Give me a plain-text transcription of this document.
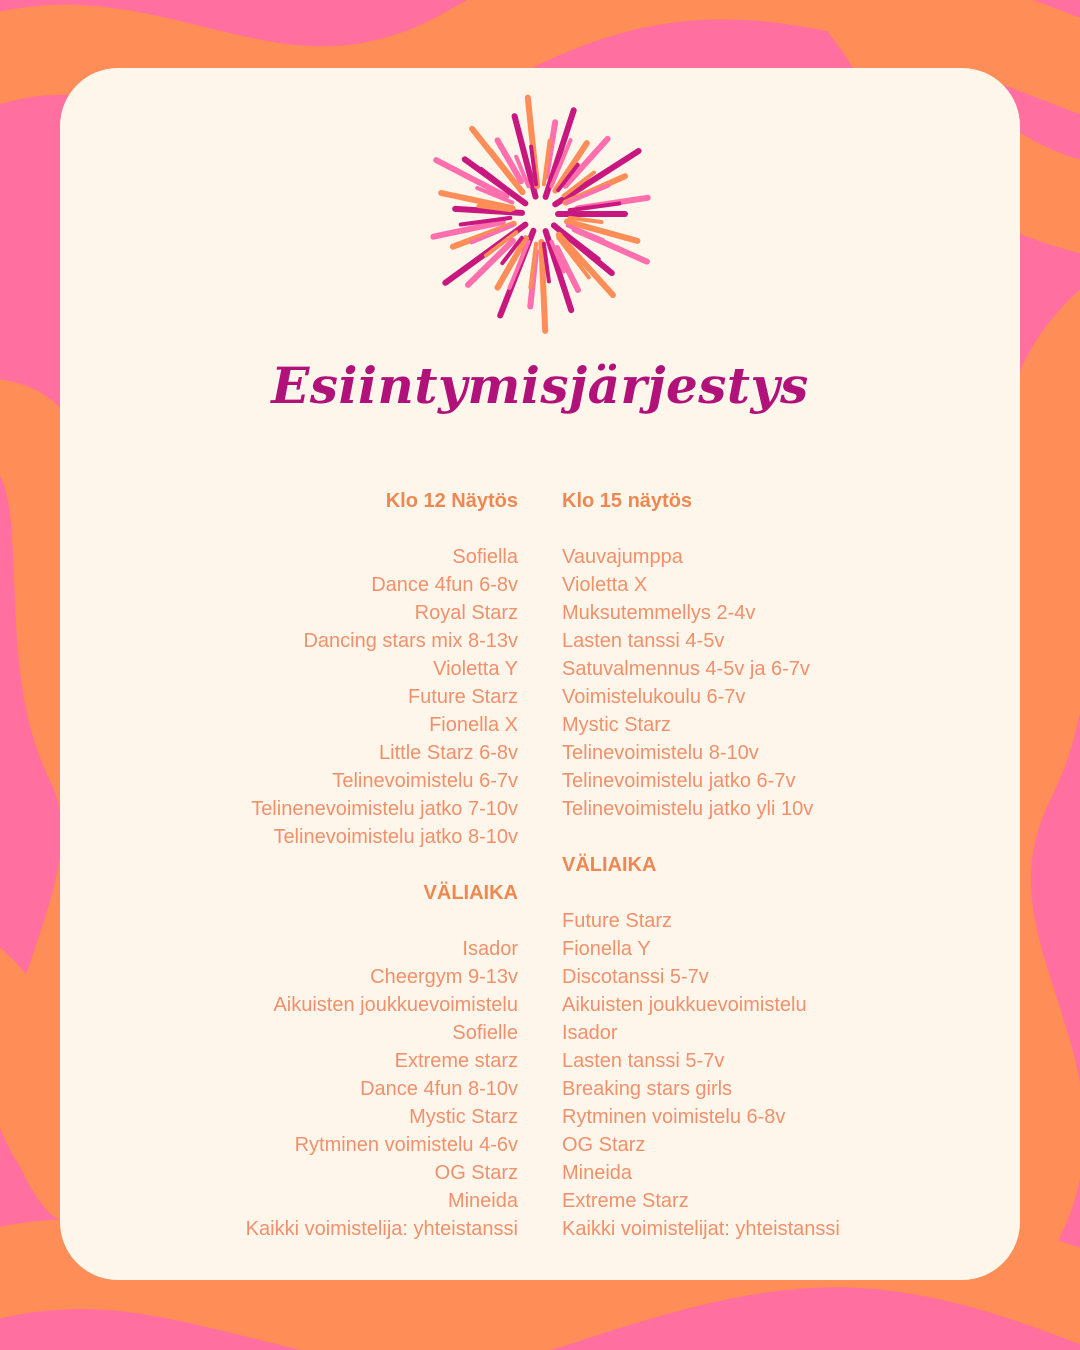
Esiintymisjärjestys
Klo 12 Näytös
Sofiella
Dance 4fun 6-8v
Royal Starz
Dancing stars mix 8-13v
Violetta Y
Future Starz
Fionella X
Little Starz 6-8v
Telinevoimistelu 6-7v
Telinenevoimistelu jatko 7-10v
Telinevoimistelu jatko 8-10v
VÄLIAIKA
Isador
Cheergym 9-13v
Aikuisten joukkuevoimistelu
Sofielle
Extreme starz
Dance 4fun 8-10v
Mystic Starz
Rytminen voimistelu 4-6v
OG Starz
Mineida
Kaikki voimistelija: yhteistanssi
Klo 15 näytös
Vauvajumppa
Violetta X
Muksutemmellys 2-4v
Lasten tanssi 4-5v
Satuvalmennus 4-5v ja 6-7v
Voimistelukoulu 6-7v
Mystic Starz
Telinevoimistelu 8-10v
Telinevoimistelu jatko 6-7v
Telinevoimistelu jatko yli 10v
VÄLIAIKA
Future Starz
Fionella Y
Discotanssi 5-7v
Aikuisten joukkuevoimistelu
Isador
Lasten tanssi 5-7v
Breaking stars girls
Rytminen voimistelu 6-8v
OG Starz
Mineida
Extreme Starz
Kaikki voimistelijat: yhteistanssi
